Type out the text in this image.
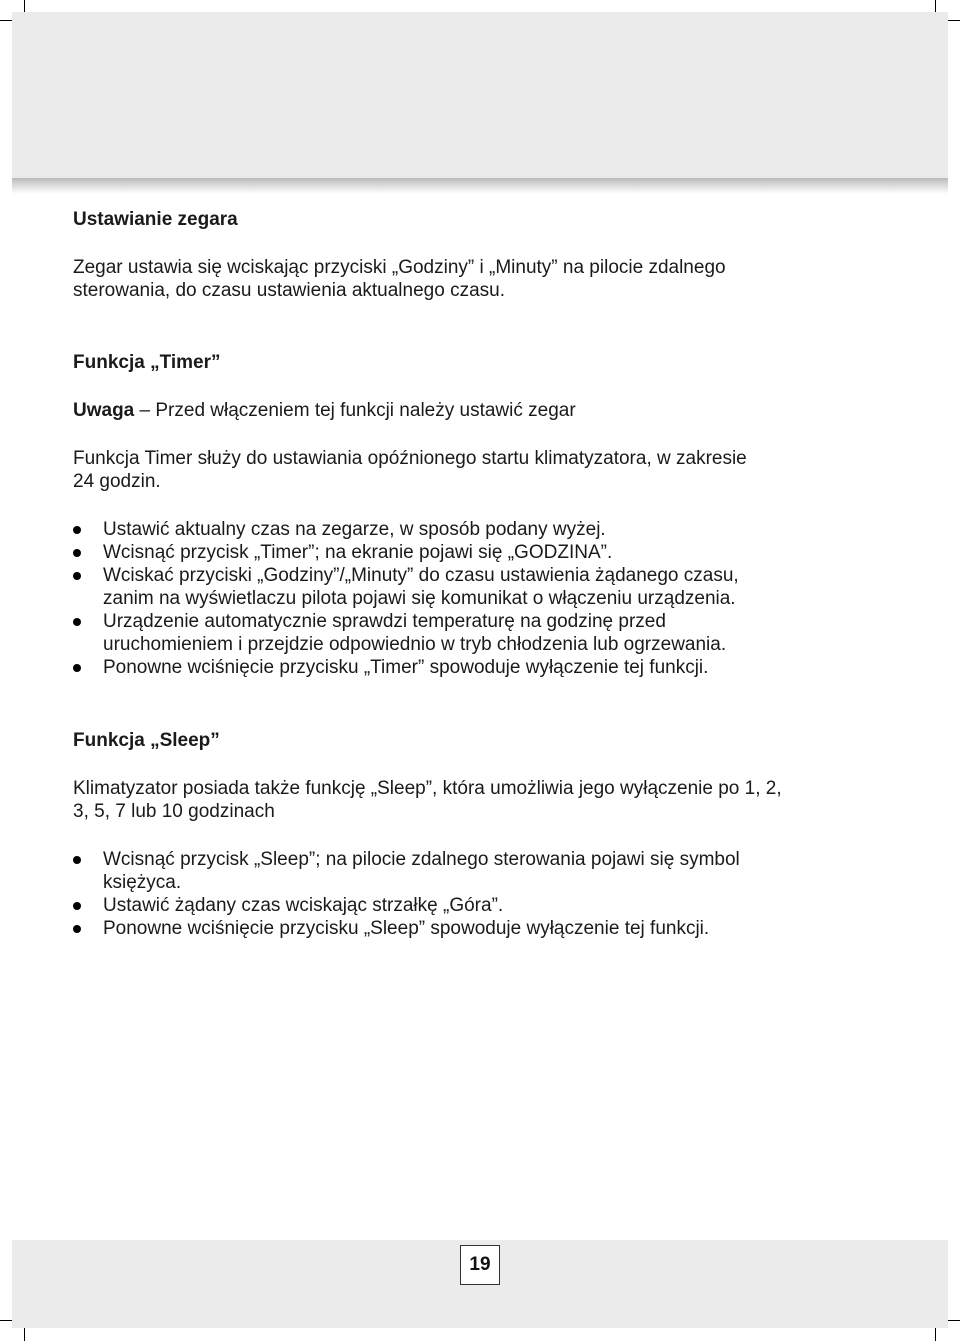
Ustawianie zegara

Zegar ustawia się wciskając przyciski „Godziny” i „Minuty” na pilocie zdalnego

sterowania, do czasu ustawienia aktualnego czasu.

Funkcja „Timer”

Uwaga – Przed włączeniem tej funkcji należy ustawić zegar

Funkcja Timer służy do ustawiania opóźnionego startu klimatyzatora, w zakresie

24 godzin.

Ustawić aktualny czas na zegarze, w sposób podany wyżej.
Wcisnąć przycisk „Timer”; na ekranie pojawi się „GODZINA”.
Wciskać przyciski „Godziny”/„Minuty” do czasu ustawienia żądanego czasu,
zanim na wyświetlaczu pilota pojawi się komunikat o włączeniu urządzenia.
Urządzenie automatycznie sprawdzi temperaturę na godzinę przed
uruchomieniem i przejdzie odpowiednio w tryb chłodzenia lub ogrzewania.
Ponowne wciśnięcie przycisku „Timer” spowoduje wyłączenie tej funkcji.

Funkcja „Sleep”

Klimatyzator posiada także funkcję „Sleep”, która umożliwia jego wyłączenie po 1, 2,

3, 5, 7 lub 10 godzinach

Wcisnąć przycisk „Sleep”; na pilocie zdalnego sterowania pojawi się symbol
księżyca.
Ustawić żądany czas wciskając strzałkę „Góra”.
Ponowne wciśnięcie przycisku „Sleep” spowoduje wyłączenie tej funkcji.
19
